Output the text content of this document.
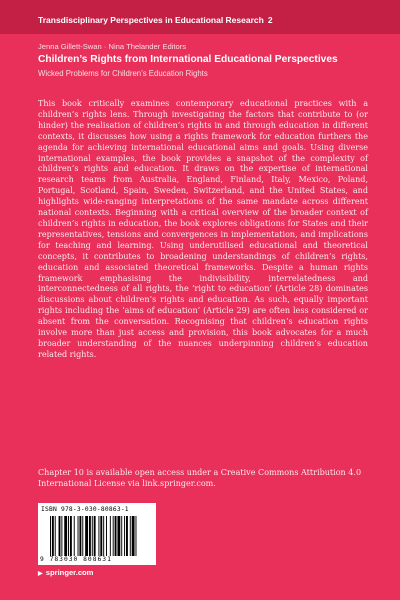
Transdisciplinary Perspectives in Educational Research 2
Jenna Gillett-Swan · Nina Thelander Editors
Children’s Rights from International Educational Perspectives
Wicked Problems for Children’s Education Rights

This book critically examines contemporary educational practices with a children’s rights lens. Through investigating the factors that contribute to (or hinder) the realisation of children’s rights in and through education in different contexts, it discusses how using a rights framework for education furthers the agenda for achieving international educational aims and goals. Using diverse international examples, the book provides a snapshot of the complexity of children’s rights and education. It draws on the expertise of international research teams from Australia, England, Finland, Italy, Mexico, Poland, Portugal, Scotland, Spain, Sweden, Switzerland, and the United States, and highlights wide-ranging interpretations of the same mandate across different national contexts. Beginning with a critical overview of the broader context of children’s rights in education, the book explores obligations for States and their representatives, tensions and convergences in implementation, and implications for teaching and learning. Using underutilised educational and theoretical concepts, it contributes to broadening understandings of children’s rights, education and associated theoretical frameworks. Despite a human rights framework emphasising the indivisibility, interrelatedness and interconnectedness of all rights, the ‘right to education’ (Article 28) dominates discussions about children’s rights and education. As such, equally important rights including the ‘aims of education’ (Article 29) are often less considered or absent from the conversation. Recognising that children’s education rights involve more than just access and provision, this book advocates for a much broader understanding of the nuances underpinning children’s education related rights.

Chapter 10 is available open access under a Creative Commons Attribution 4.0 International License via link.springer.com.

ISBN 978-3-030-80863-1
9 783030 808631
▶ springer.com
